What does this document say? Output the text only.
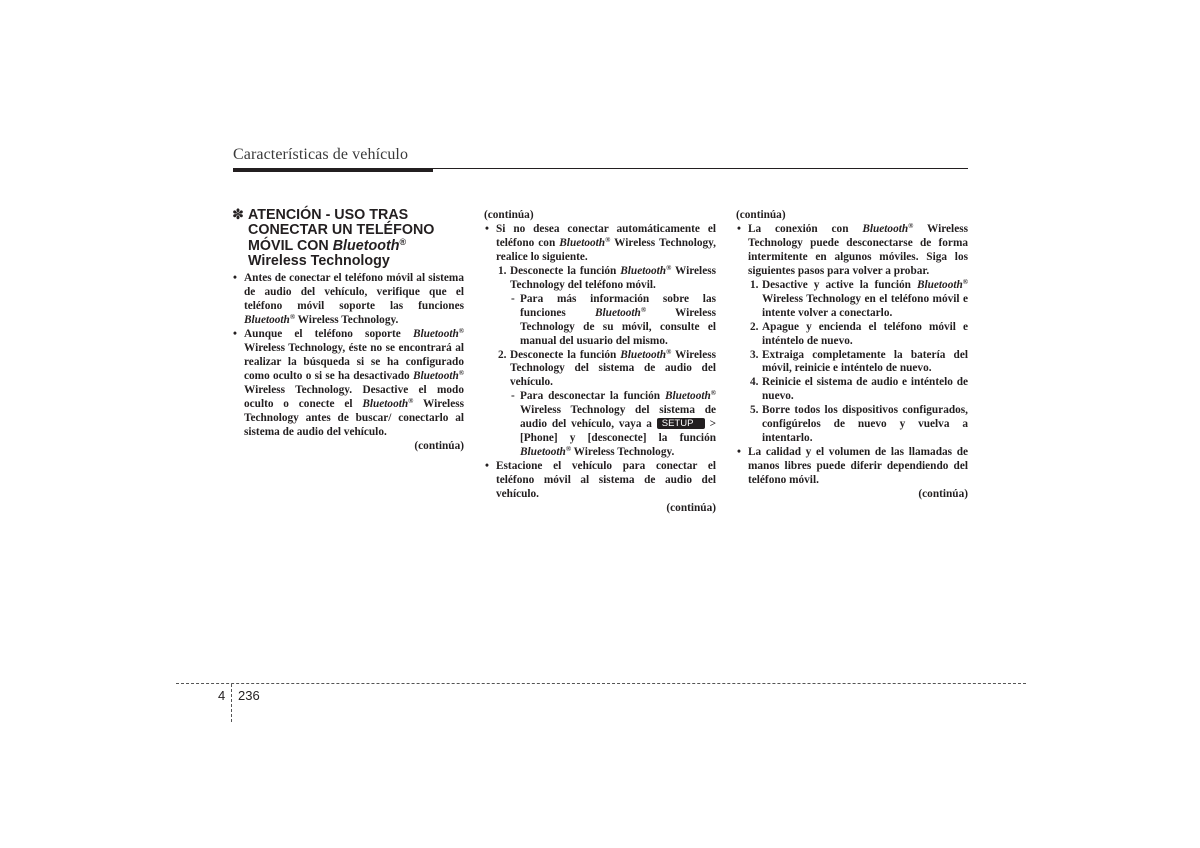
Características de vehículo
✽ ATENCIÓN - USO TRAS
CONECTAR UN TELÉFONO
MÓVIL CON Bluetooth®
Wireless Technology

• Antes de conectar el teléfono móvil al sistema de audio del vehículo, verifique que el teléfono móvil soporte las funciones Bluetooth® Wireless Technology.

• Aunque el teléfono soporte Bluetooth® Wireless Technology, éste no se encontrará al realizar la búsqueda si se ha configurado como oculto o si se ha desactivado Bluetooth® Wireless Technology. Desactive el modo oculto o conecte el Bluetooth® Wireless Technology antes de buscar/ conectarlo al sistema de audio del vehículo.

(continúa)
(continúa)

• Si no desea conectar automáticamente el teléfono con Bluetooth® Wireless Technology, realice lo siguiente.

1. Desconecte la función Bluetooth® Wireless Technology del teléfono móvil.

- Para más información sobre las funciones Bluetooth® Wireless Technology de su móvil, consulte el manual del usuario del mismo.

2. Desconecte la función Bluetooth® Wireless Technology del sistema de audio del vehículo.

- Para desconectar la función Bluetooth® Wireless Technology del sistema de audio del vehículo, vaya a SETUP > [Phone] y [desconecte] la función Bluetooth® Wireless Technology.

• Estacione el vehículo para conectar el teléfono móvil al sistema de audio del vehículo.

(continúa)
(continúa)

• La conexión con Bluetooth® Wireless Technology puede desconectarse de forma intermitente en algunos móviles. Siga los siguientes pasos para volver a probar.

1. Desactive y active la función Bluetooth® Wireless Technology en el teléfono móvil e intente volver a conectarlo.

2. Apague y encienda el teléfono móvil e inténtelo de nuevo.

3. Extraiga completamente la batería del móvil, reinicie e inténtelo de nuevo.

4. Reinicie el sistema de audio e inténtelo de nuevo.

5. Borre todos los dispositivos configurados, configúrelos de nuevo y vuelva a intentarlo.

• La calidad y el volumen de las llamadas de manos libres puede diferir dependiendo del teléfono móvil.

(continúa)
4 236
